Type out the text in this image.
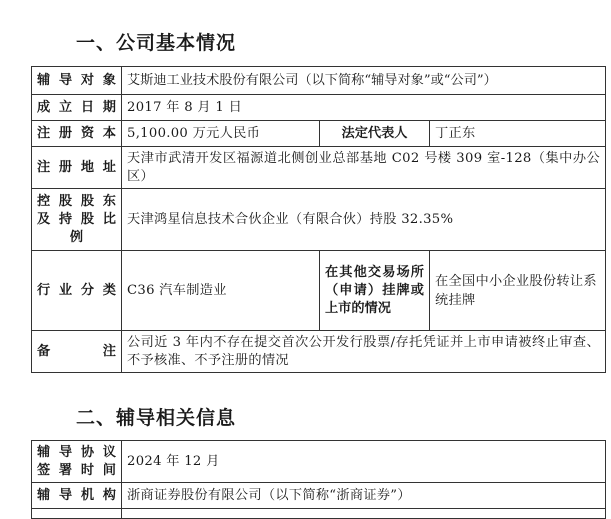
一、公司基本情况
辅导对象	艾斯迪工业技术股份有限公司（以下简称“辅导对象”或“公司”）		
成立日期	2017 年 8 月 1 日		
注册资本	5,100.00 万元人民币	法定代表人	丁正东
注册地址	天津市武清开发区福源道北侧创业总部基地 C02 号楼 309 室-128（集中办公区）		

控股股东
及持股比
例	天津鸿星信息技术合伙企业（有限合伙）持股 32.35%		
行业分类	C36 汽车制造业	在其他交易场所（申请）挂牌或上市的情况	在全国中小企业股份转让系统挂牌
备　　注	公司近 3 年内不存在提交首次公开发行股票/存托凭证并上市申请被终止审查、不予核准、不予注册的情况		
二、辅导相关信息
辅导协议
签署时间	2024 年 12 月
辅导机构	浙商证券股份有限公司（以下简称“浙商证券”）
